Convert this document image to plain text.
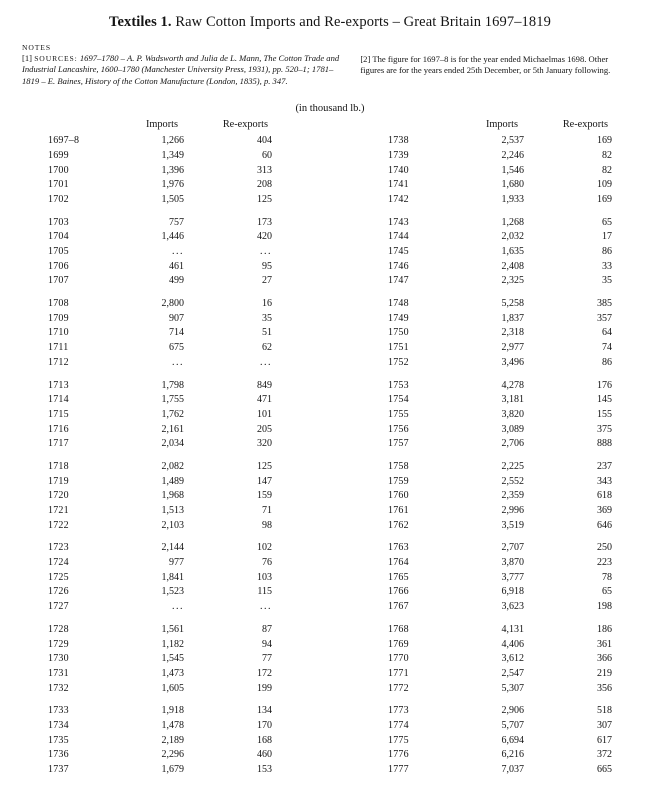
Textiles 1. Raw Cotton Imports and Re-exports – Great Britain 1697–1819
NOTES
[1] SOURCES: 1697–1780 – A. P. Wadsworth and Julia de L. Mann, The Cotton Trade and Industrial Lancashire, 1600–1780 (Manchester University Press, 1931), pp. 520–1; 1781–1819 – E. Baines, History of the Cotton Manufacture (London, 1835), p. 347.
[2] The figure for 1697–8 is for the year ended Michaelmas 1698. Other figures are for the years ended 25th December, or 5th January following.
(in thousand lb.)
	Imports	Re-exports
1697–8	1,266	404
1699	1,349	60
1700	1,396	313
1701	1,976	208
1702	1,505	125

1703	757	173
1704	1,446	420
1705	...	...
1706	461	95
1707	499	27

1708	2,800	16
1709	907	35
1710	714	51
1711	675	62
1712	...	...

1713	1,798	849
1714	1,755	471
1715	1,762	101
1716	2,161	205
1717	2,034	320

1718	2,082	125
1719	1,489	147
1720	1,968	159
1721	1,513	71
1722	2,103	98

1723	2,144	102
1724	977	76
1725	1,841	103
1726	1,523	115
1727	...	...

1728	1,561	87
1729	1,182	94
1730	1,545	77
1731	1,473	172
1732	1,605	199

1733	1,918	134
1734	1,478	170
1735	2,189	168
1736	2,296	460
1737	1,679	153
	Imports	Re-exports
1738	2,537	169
1739	2,246	82
1740	1,546	82
1741	1,680	109
1742	1,933	169

1743	1,268	65
1744	2,032	17
1745	1,635	86
1746	2,408	33
1747	2,325	35

1748	5,258	385
1749	1,837	357
1750	2,318	64
1751	2,977	74
1752	3,496	86

1753	4,278	176
1754	3,181	145
1755	3,820	155
1756	3,089	375
1757	2,706	888

1758	2,225	237
1759	2,552	343
1760	2,359	618
1761	2,996	369
1762	3,519	646

1763	2,707	250
1764	3,870	223
1765	3,777	78
1766	6,918	65
1767	3,623	198

1768	4,131	186
1769	4,406	361
1770	3,612	366
1771	2,547	219
1772	5,307	356

1773	2,906	518
1774	5,707	307
1775	6,694	617
1776	6,216	372
1777	7,037	665
